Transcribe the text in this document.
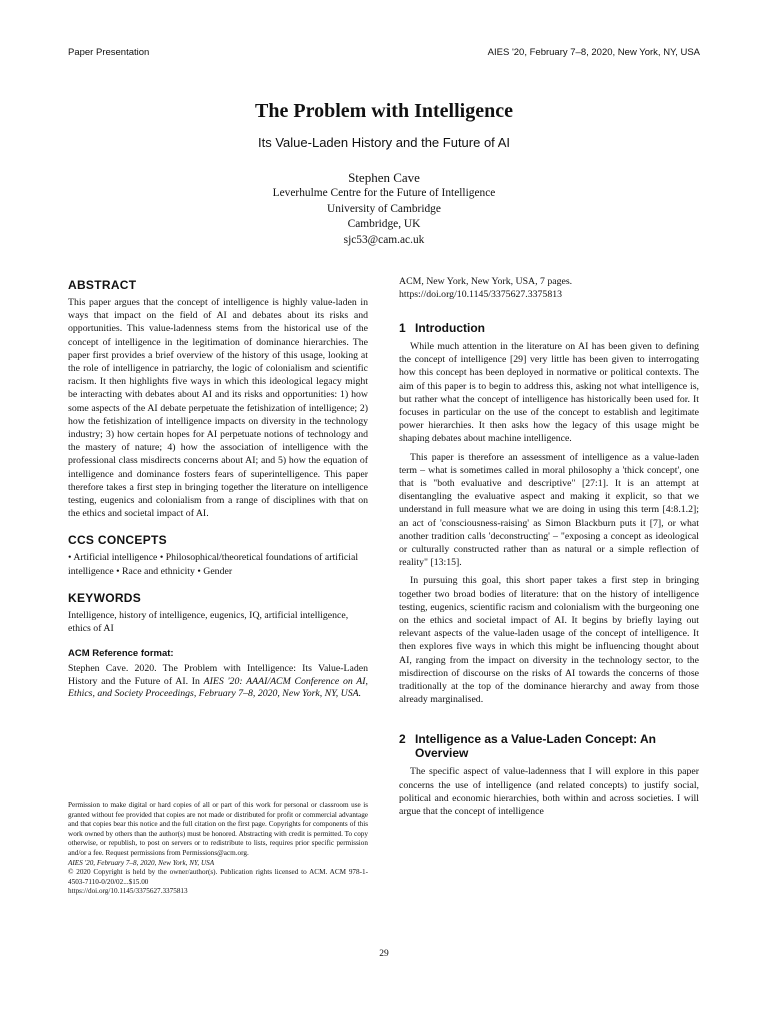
Paper Presentation	AIES '20, February 7–8, 2020, New York, NY, USA
The Problem with Intelligence
Its Value-Laden History and the Future of AI
Stephen Cave
Leverhulme Centre for the Future of Intelligence
University of Cambridge
Cambridge, UK
sjc53@cam.ac.uk
ABSTRACT

This paper argues that the concept of intelligence is highly value-laden in ways that impact on the field of AI and debates about its risks and opportunities. This value-ladenness stems from the historical use of the concept of intelligence in the legitimation of dominance hierarchies. The paper first provides a brief overview of the history of this usage, looking at the role of intelligence in patriarchy, the logic of colonialism and scientific racism. It then highlights five ways in which this ideological legacy might be interacting with debates about AI and its risks and opportunities: 1) how some aspects of the AI debate perpetuate the fetishization of intelligence; 2) how the fetishization of intelligence impacts on diversity in the technology industry; 3) how certain hopes for AI perpetuate notions of technology and the mastery of nature; 4) how the association of intelligence with the professional class misdirects concerns about AI; and 5) how the equation of intelligence and dominance fosters fears of superintelligence. This paper therefore takes a first step in bringing together the literature on intelligence testing, eugenics and colonialism from a range of disciplines with that on the ethics and societal impact of AI.

CCS CONCEPTS

• Artificial intelligence • Philosophical/theoretical foundations of artificial intelligence • Race and ethnicity • Gender

KEYWORDS

Intelligence, history of intelligence, eugenics, IQ, artificial intelligence, ethics of AI

ACM Reference format:

Stephen Cave. 2020. The Problem with Intelligence: Its Value-Laden History and the Future of AI. In AIES '20: AAAI/ACM Conference on AI, Ethics, and Society Proceedings, February 7–8, 2020, New York, NY, USA.

Permission to make digital or hard copies of all or part of this work for personal or classroom use is granted without fee provided that copies are not made or distributed for profit or commercial advantage and that copies bear this notice and the full citation on the first page. Copyrights for components of this work owned by others than the author(s) must be honored. Abstracting with credit is permitted. To copy otherwise, or republish, to post on servers or to redistribute to lists, requires prior specific permission and/or a fee. Request permissions from Permissions@acm.org.

AIES '20, February 7–8, 2020, New York, NY, USA
© 2020 Copyright is held by the owner/author(s). Publication rights licensed to ACM. ACM 978-1-4503-7110-0/20/02...$15.00
https://doi.org/10.1145/3375627.3375813

ACM, New York, New York, USA, 7 pages.
https://doi.org/10.1145/3375627.3375813

1 Introduction

While much attention in the literature on AI has been given to defining the concept of intelligence [29] very little has been given to interrogating how this concept has been deployed in normative or political contexts. The aim of this paper is to begin to address this, asking not what intelligence is, but rather what the concept of intelligence has historically been used for. It focuses in particular on the use of the concept to establish and legitimate power hierarchies. It then asks how the legacy of this usage might be shaping debates about machine intelligence.

This paper is therefore an assessment of intelligence as a value-laden term – what is sometimes called in moral philosophy a 'thick concept', one that is "both evaluative and descriptive" [27:1]. It is an attempt at disentangling the evaluative aspect and making it explicit, so that we understand in full measure what we are doing in using this term [4:8.1.2]; an act of 'consciousness-raising' as Simon Blackburn puts it [7], or what another tradition calls 'deconstructing' – "exposing a concept as ideological or culturally constructed rather than as natural or a simple reflection of reality" [13:15].

In pursuing this goal, this short paper takes a first step in bringing together two broad bodies of literature: that on the history of intelligence testing, eugenics, scientific racism and colonialism with the burgeoning one on the ethics and societal impact of AI. It begins by briefly laying out relevant aspects of the value-laden usage of the concept of intelligence. It then explores five ways in which this might be influencing thought about AI, ranging from the impact on diversity in the technology sector, to the misdirection of discourse on the risks of AI towards the concerns of those traditionally at the top of the dominance hierarchy and away from those already marginalised.

2 Intelligence as a Value-Laden Concept: An Overview

The specific aspect of value-ladenness that I will explore in this paper concerns the use of intelligence (and related concepts) to justify social, political and economic hierarchies, both within and across societies. I will argue that the concept of intelligence

29
